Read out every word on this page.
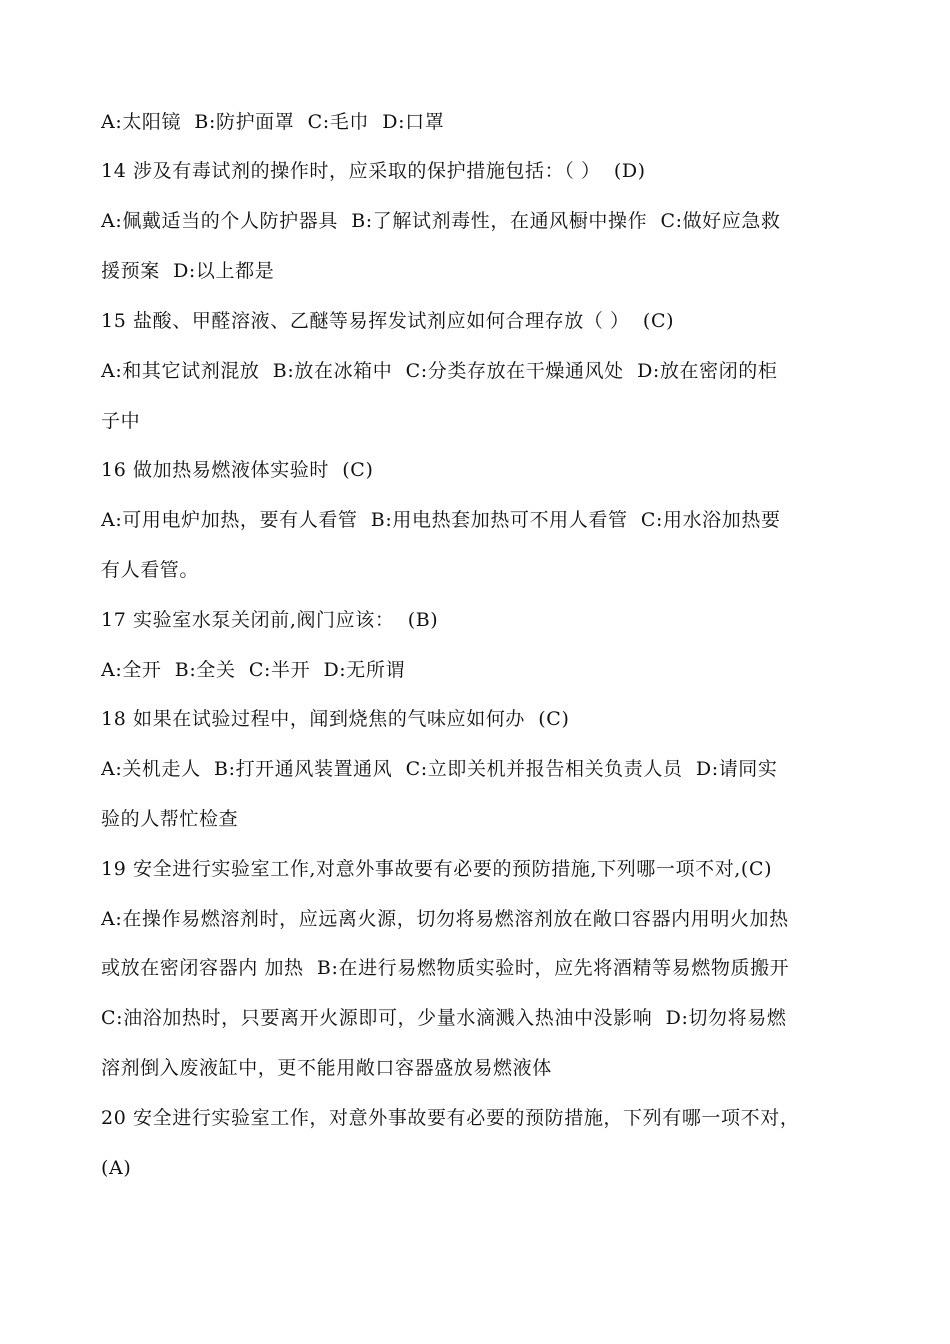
A:太阳镜  B:防护面罩  C:毛巾  D:口罩
14 涉及有毒试剂的操作时，应采取的保护措施包括：（ ）  (D)
A:佩戴适当的个人防护器具  B:了解试剂毒性，在通风橱中操作  C:做好应急救
援预案  D:以上都是
15 盐酸、甲醛溶液、乙醚等易挥发试剂应如何合理存放（ ）  (C)
A:和其它试剂混放  B:放在冰箱中  C:分类存放在干燥通风处  D:放在密闭的柜
子中
16 做加热易燃液体实验时  (C)
A:可用电炉加热，要有人看管  B:用电热套加热可不用人看管  C:用水浴加热要
有人看管。
17 实验室水泵关闭前,阀门应该：  (B)
A:全开  B:全关  C:半开  D:无所谓
18 如果在试验过程中，闻到烧焦的气味应如何办  (C)
A:关机走人  B:打开通风装置通风  C:立即关机并报告相关负责人员  D:请同实
验的人帮忙检查
19 安全进行实验室工作,对意外事故要有必要的预防措施,下列哪一项不对,(C)
A:在操作易燃溶剂时，应远离火源，切勿将易燃溶剂放在敞口容器内用明火加热
或放在密闭容器内 加热  B:在进行易燃物质实验时，应先将酒精等易燃物质搬开
C:油浴加热时，只要离开火源即可，少量水滴溅入热油中没影响  D:切勿将易燃
溶剂倒入废液缸中，更不能用敞口容器盛放易燃液体
20 安全进行实验室工作，对意外事故要有必要的预防措施，下列有哪一项不对，
(A)
